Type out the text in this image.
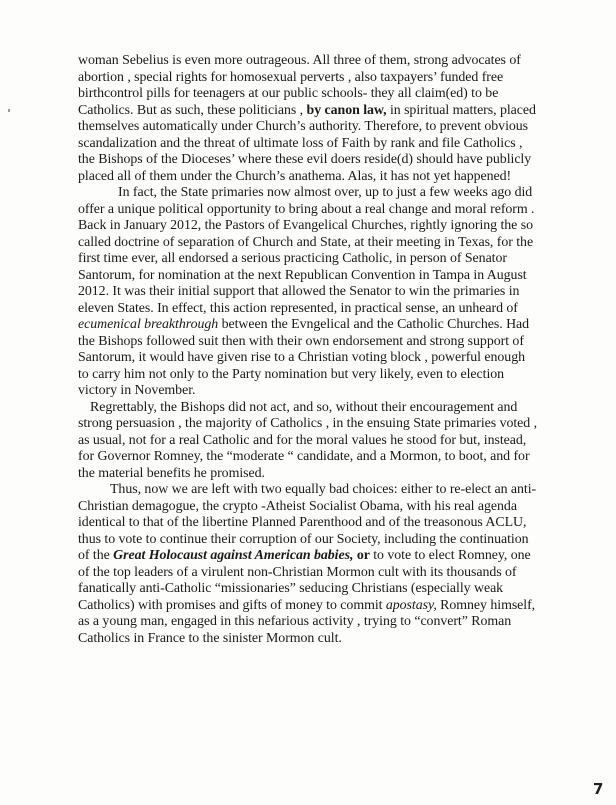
woman Sebelius is even more outrageous. All three of them, strong advocates of abortion , special rights for homosexual perverts , also taxpayers’ funded free birthcontrol pills for teenagers at our public schools- they all claim(ed) to be Catholics. But as such, these politicians , by canon law, in spiritual matters, placed themselves automatically under Church’s authority. Therefore, to prevent obvious scandalization and the threat of ultimate loss of Faith by rank and file Catholics , the Bishops of the Dioceses’ where these evil doers reside(d) should have publicly placed all of them under the Church’s anathema. Alas, it has not yet happened!

In fact, the State primaries now almost over, up to just a few weeks ago did offer a unique political opportunity to bring about a real change and moral reform . Back in January 2012, the Pastors of Evangelical Churches, rightly ignoring the so called doctrine of separation of Church and State, at their meeting in Texas, for the first time ever, all endorsed a serious practicing Catholic, in person of Senator Santorum, for nomination at the next Republican Convention in Tampa in August 2012. It was their initial support that allowed the Senator to win the primaries in eleven States. In effect, this action represented, in practical sense, an unheard of ecumenical breakthrough between the Evngelical and the Catholic Churches. Had the Bishops followed suit then with their own endorsement and strong support of Santorum, it would have given rise to a Christian voting block , powerful enough to carry him not only to the Party nomination but very likely, even to election victory in November.

Regrettably, the Bishops did not act, and so, without their encouragement and strong persuasion , the majority of Catholics , in the ensuing State primaries voted , as usual, not for a real Catholic and for the moral values he stood for but, instead, for Governor Romney, the “moderate “ candidate, and a Mormon, to boot, and for the material benefits he promised.

Thus, now we are left with two equally bad choices: either to re-elect an anti-Christian demagogue, the crypto -Atheist Socialist Obama, with his real agenda identical to that of the libertine Planned Parenthood and of the treasonous ACLU, thus to vote to continue their corruption of our Society, including the continuation of the Great Holocaust against American babies, or to vote to elect Romney, one of the top leaders of a virulent non-Christian Mormon cult with its thousands of fanatically anti-Catholic “missionaries” seducing Christians (especially weak Catholics) with promises and gifts of money to commit apostasy, Romney himself, as a young man, engaged in this nefarious activity , trying to “convert” Roman Catholics in France to the sinister Mormon cult.

7
